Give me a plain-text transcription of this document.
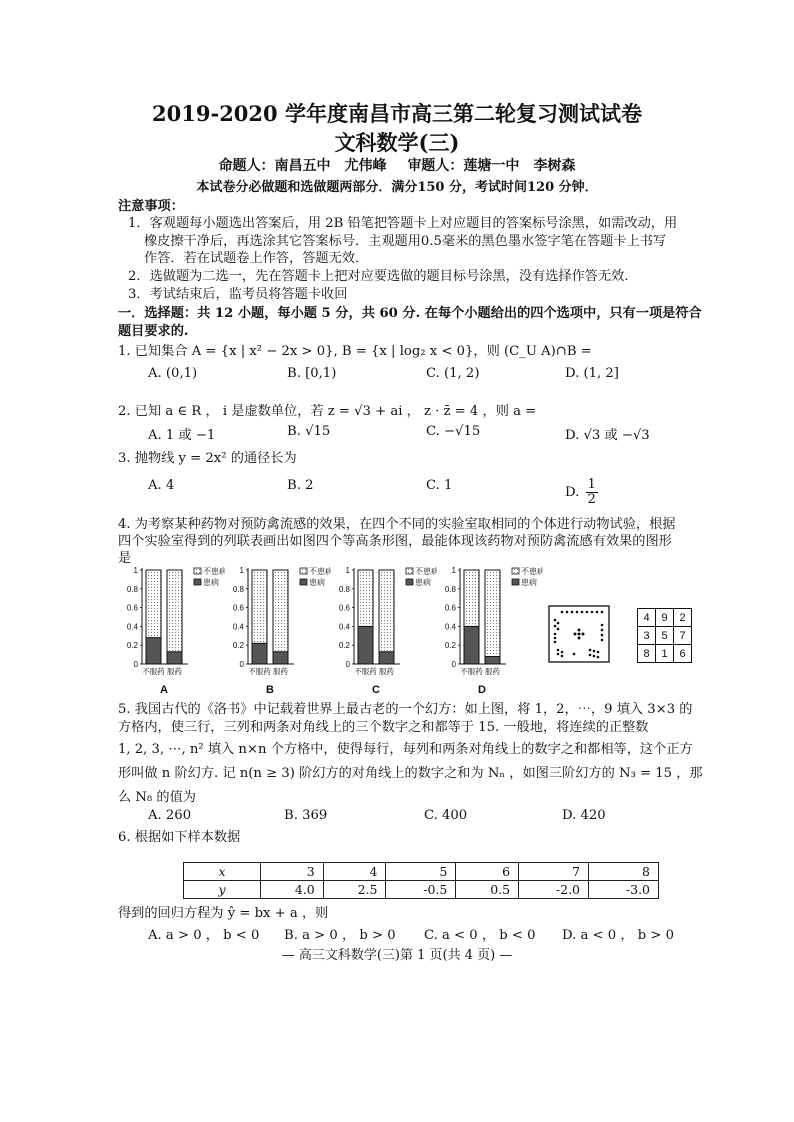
2019-2020 学年度南昌市高三第二轮复习测试试卷
文科数学(三)
命题人：南昌五中　尤伟峰 审题人：莲塘一中　李树森
本试卷分必做题和选做题两部分．满分150 分，考试时间120 分钟．
注意事项：
1．客观题每小题选出答案后，用 2B 铅笔把答题卡上对应题目的答案标号涂黑，如需改动，用
橡皮擦干净后，再选涂其它答案标号．主观题用0.5毫米的黑色墨水签字笔在答题卡上书写
作答．若在试题卷上作答，答题无效．
2．选做题为二选一，先在答题卡上把对应要选做的题目标号涂黑，没有选择作答无效．
3．考试结束后，监考员将答题卡收回
一．选择题：共 12 小题，每小题 5 分，共 60 分. 在每个小题给出的四个选项中，只有一项是符合
题目要求的.
1. 已知集合 A = {x | x² − 2x > 0}, B = {x | log₂ x < 0}，则 (C_U A)∩B =
A. (0,1)	B. [0,1)	C. (1, 2)	D. (1, 2]
2. 已知 a ∈ R ， i 是虚数单位，若 z = √3 + ai ， z · z̄ = 4 ，则 a =
A. 1 或 −1	B. √15	C. −√15	D. √3 或 −√3
3. 抛物线 y = 2x² 的通径长为
A. 4	B. 2	C. 1	D. $\frac{1}{2}$
4. 为考察某种药物对预防禽流感的效果，在四个不同的实验室取相同的个体进行动物试验，根据
四个实验室得到的列联表画出如图四个等高条形图，最能体现该药物对预防禽流感有效果的图形
是
0
0.2
0.4
0.6
0.8
1
不服药 服药
不患病
患病
A
0
0.2
0.4
0.6
0.8
1
不服药 服药
不患病
患病
B
0
0.2
0.4
0.6
0.8
1
不服药 服药
不患病
患病
C
0
0.2
0.4
0.6
0.8
1
不服药 服药
不患病
患病
D
4	9	2
3	5	7
8	1	6
5. 我国古代的《洛书》中记载着世界上最古老的一个幻方：如上图，将 1，2，⋯，9 填入 3×3 的
方格内，使三行，三列和两条对角线上的三个数字之和都等于 15. 一般地，将连续的正整数
1, 2, 3, ⋯, n² 填入 n×n 个方格中，使得每行，每列和两条对角线上的数字之和都相等，这个正方
形叫做 n 阶幻方. 记 n(n ≥ 3) 阶幻方的对角线上的数字之和为 Nₙ ，如图三阶幻方的 N₃ = 15 ，那
么 N₈ 的值为
A. 260	B. 369	C. 400	D. 420
6. 根据如下样本数据
x	3	4	5	6	7	8
y	4.0	2.5	-0.5	0.5	-2.0	-3.0
得到的回归方程为 ŷ = bx + a ，则
A. a > 0 ， b < 0 B. a > 0 ， b > 0 C. a < 0 ， b < 0 D. a < 0 ， b > 0
— 高三文科数学(三)第 1 页(共 4 页) —
